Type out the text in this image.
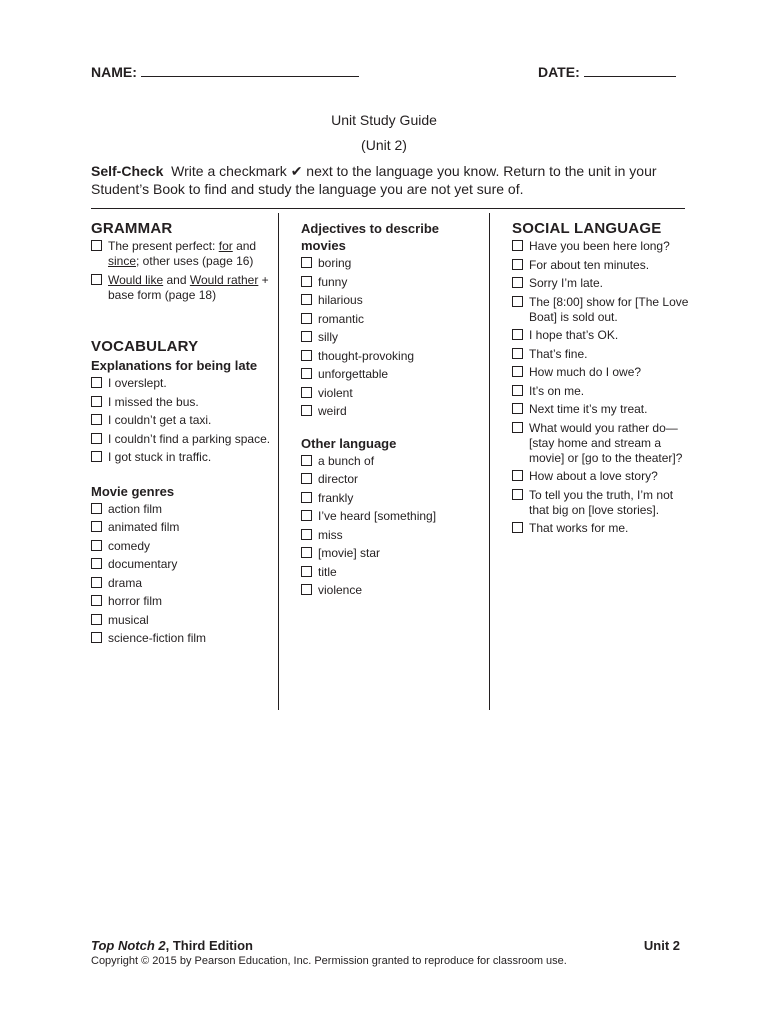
NAME:	DATE:
Unit Study Guide
(Unit 2)
Self-Check Write a checkmark ✔ next to the language you know. Return to the unit in your Student’s Book to find and study the language you are not yet sure of.
GRAMMAR
The present perfect: for and since; other uses (page 16)
Would like and Would rather + base form (page 18)
VOCABULARY
Explanations for being late
I overslept.
I missed the bus.
I couldn’t get a taxi.
I couldn’t find a parking space.
I got stuck in traffic.
Movie genres
action film
animated film
comedy
documentary
drama
horror film
musical
science-fiction film
Adjectives to describe movies
boring
funny
hilarious
romantic
silly
thought-provoking
unforgettable
violent
weird
Other language
a bunch of
director
frankly
I’ve heard [something]
miss
[movie] star
title
violence
SOCIAL LANGUAGE
Have you been here long?
For about ten minutes.
Sorry I’m late.
The [8:00] show for [The Love Boat] is sold out.
I hope that’s OK.
That’s fine.
How much do I owe?
It’s on me.
Next time it’s my treat.
What would you rather do—[stay home and stream a movie] or [go to the theater]?
How about a love story?
To tell you the truth, I’m not that big on [love stories].
That works for me.
Top Notch 2, Third Edition	Unit 2
Copyright © 2015 by Pearson Education, Inc. Permission granted to reproduce for classroom use.
